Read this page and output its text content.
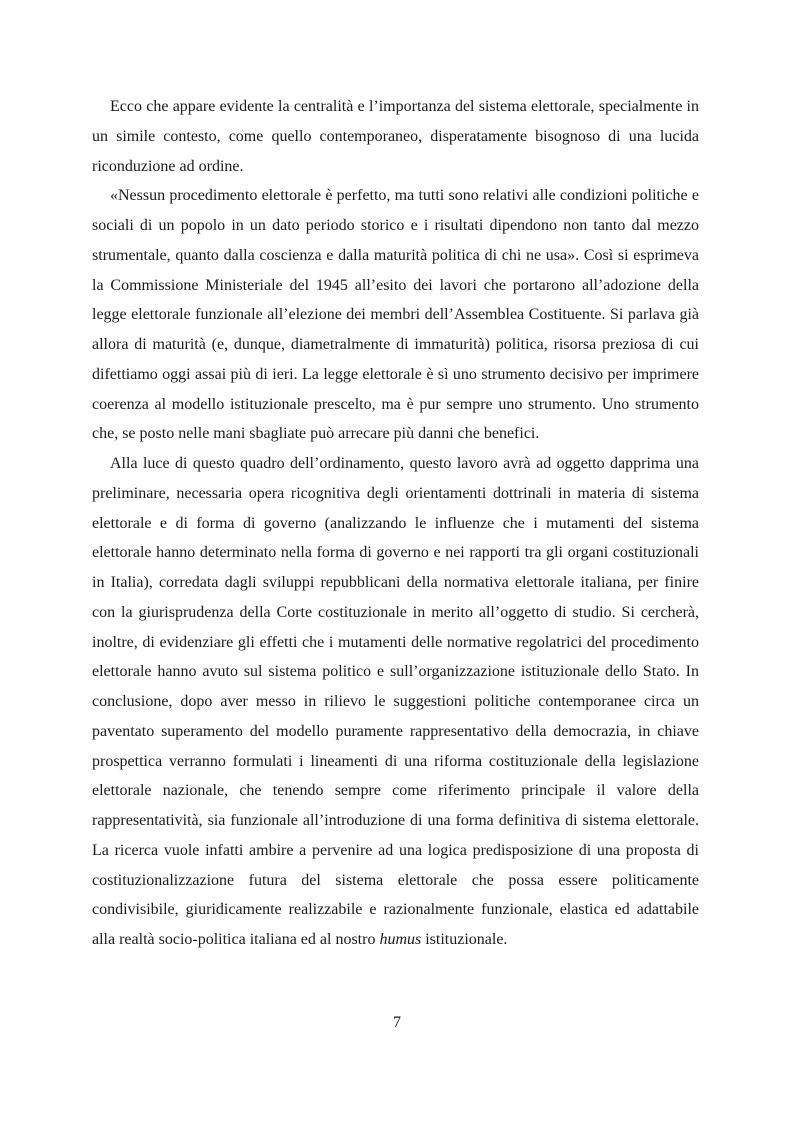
Ecco che appare evidente la centralità e l’importanza del sistema elettorale, specialmente in un simile contesto, come quello contemporaneo, disperatamente bisognoso di una lucida riconduzione ad ordine.

«Nessun procedimento elettorale è perfetto, ma tutti sono relativi alle condizioni politiche e sociali di un popolo in un dato periodo storico e i risultati dipendono non tanto dal mezzo strumentale, quanto dalla coscienza e dalla maturità politica di chi ne usa». Così si esprimeva la Commissione Ministeriale del 1945 all’esito dei lavori che portarono all’adozione della legge elettorale funzionale all’elezione dei membri dell’Assemblea Costituente. Si parlava già allora di maturità (e, dunque, diametralmente di immaturità) politica, risorsa preziosa di cui difettiamo oggi assai più di ieri. La legge elettorale è sì uno strumento decisivo per imprimere coerenza al modello istituzionale prescelto, ma è pur sempre uno strumento. Uno strumento che, se posto nelle mani sbagliate può arrecare più danni che benefici.

Alla luce di questo quadro dell’ordinamento, questo lavoro avrà ad oggetto dapprima una preliminare, necessaria opera ricognitiva degli orientamenti dottrinali in materia di sistema elettorale e di forma di governo (analizzando le influenze che i mutamenti del sistema elettorale hanno determinato nella forma di governo e nei rapporti tra gli organi costituzionali in Italia), corredata dagli sviluppi repubblicani della normativa elettorale italiana, per finire con la giurisprudenza della Corte costituzionale in merito all’oggetto di studio. Si cercherà, inoltre, di evidenziare gli effetti che i mutamenti delle normative regolatrici del procedimento elettorale hanno avuto sul sistema politico e sull’organizzazione istituzionale dello Stato. In conclusione, dopo aver messo in rilievo le suggestioni politiche contemporanee circa un paventato superamento del modello puramente rappresentativo della democrazia, in chiave prospettica verranno formulati i lineamenti di una riforma costituzionale della legislazione elettorale nazionale, che tenendo sempre come riferimento principale il valore della rappresentatività, sia funzionale all’introduzione di una forma definitiva di sistema elettorale. La ricerca vuole infatti ambire a pervenire ad una logica predisposizione di una proposta di costituzionalizzazione futura del sistema elettorale che possa essere politicamente condivisibile, giuridicamente realizzabile e razionalmente funzionale, elastica ed adattabile alla realtà socio-politica italiana ed al nostro humus istituzionale.

7
